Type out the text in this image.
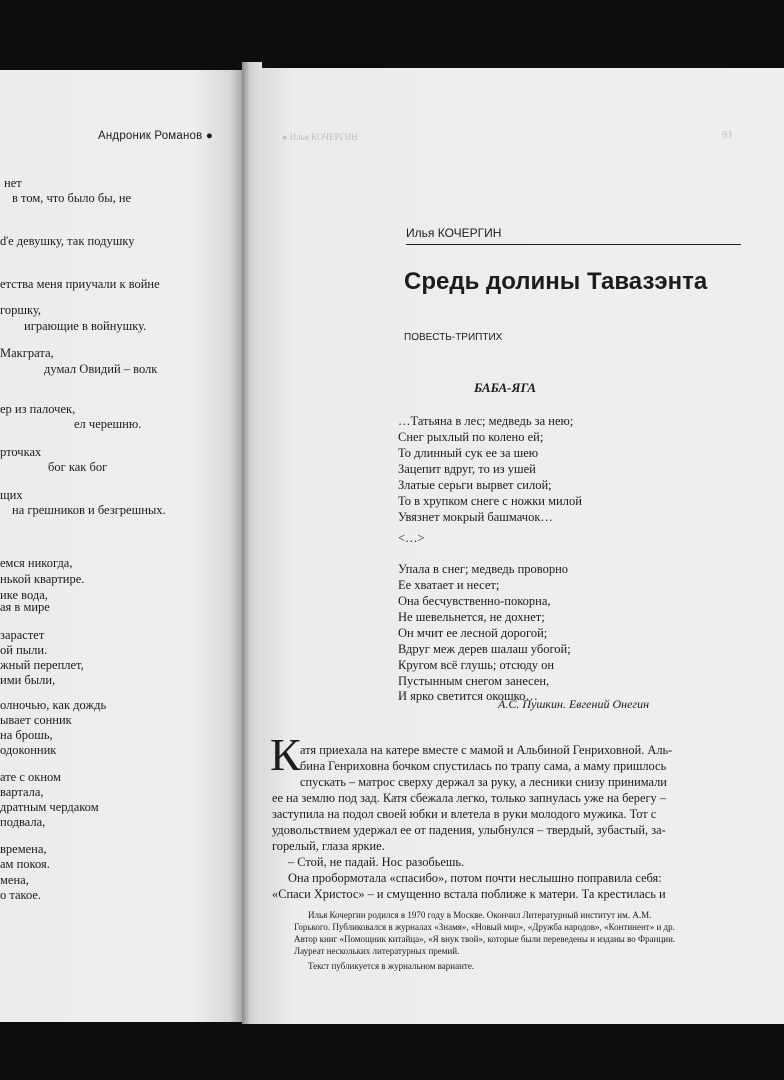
Андроник Романов ●
нет
в том, что было бы, не
ďе девушку, так подушку
етства меня приучали к войне
горшку,
играющие в войнушку.
Макграта,
думал Овидий – волк
ер из палочек,
ел черешню.
рточках
бог как бог
щих
на грешников и безгрешных.
емся никогда,
нькой квартире.
ике вода,
ая в мире
зарастет
ой пыли.
жный переплет,
ими были,
олночью, как дождь
ывает сонник
на брошь,
одоконник
ате с окном
вартала,
дратным чердаком
подвала,
времена,
ам покоя.
мена,
о такое.
● Илья КОЧЕРГИН	93
Илья КОЧЕРГИН
Средь долины Тавазэнта
ПОВЕСТЬ-ТРИПТИХ
БАБА-ЯГА
…Татьяна в лес; медведь за нею;
Снег рыхлый по колено ей;
То длинный сук ее за шею
Зацепит вдруг, то из ушей
Златые серьги вырвет силой;
То в хрупком снеге с ножки милой
Увязнет мокрый башмачок…
<…>
Упала в снег; медведь проворно
Ее хватает и несет;
Она бесчувственно-покорна,
Не шевельнется, не дохнет;
Он мчит ее лесной дорогой;
Вдруг меж дерев шалаш убогой;
Кругом всё глушь; отсюду он
Пустынным снегом занесен,
И ярко светится окошко…
А.С. Пушкин. Евгений Онегин
К атя приехала на катере вместе с мамой и Альбиной Генриховной. Аль-
бина Генриховна бочком спустилась по трапу сама, а маму пришлось
спускать – матрос сверху держал за руку, а лесники снизу принимали
ее на землю под зад. Катя сбежала легко, только запнулась уже на берегу –
заступила на подол своей юбки и влетела в руки молодого мужика. Тот с
удовольствием удержал ее от падения, улыбнулся – твердый, зубастый, за-
горелый, глаза яркие.
– Стой, не падай. Нос разобьешь.
Она пробормотала «спасибо», потом почти неслышно поправила себя:
«Спаси Христос» – и смущенно встала поближе к матери. Та крестилась и
Илья Кочергин родился в 1970 году в Москве. Окончил Литературный институт им. А.М.
Горького. Публиковался в журналах «Знамя», «Новый мир», «Дружба народов», «Континент» и др.
Автор книг «Помощник китайца», «Я внук твой», которые были переведены и изданы во Франции.
Лауреат нескольких литературных премий.
Текст публикуется в журнальном варианте.
